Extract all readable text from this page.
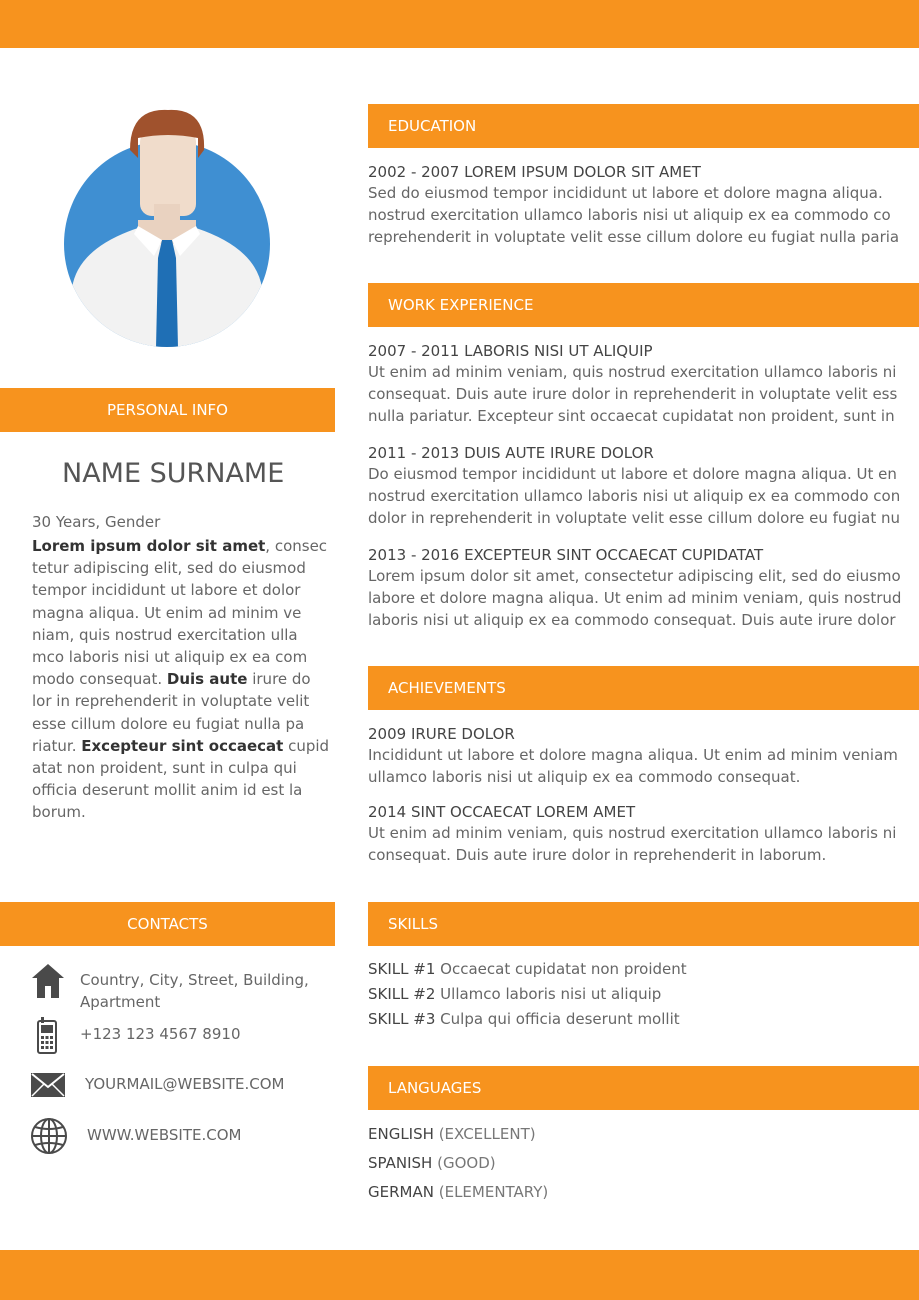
PERSONAL INFO
NAME SURNAME
30 Years, Gender
Lorem ipsum dolor sit amet, consec
tetur adipiscing elit, sed do eiusmod
tempor incididunt ut labore et dolor
magna aliqua. Ut enim ad minim ve
niam, quis nostrud exercitation ulla
mco laboris nisi ut aliquip ex ea com
modo consequat. Duis aute irure do
lor in reprehenderit in voluptate velit
esse cillum dolore eu fugiat nulla pa
riatur. Excepteur sint occaecat cupid
atat non proident, sunt in culpa qui
officia deserunt mollit anim id est la
borum.
CONTACTS
Country, City, Street, Building,
Apartment
+123 123 4567 8910
YOURMAIL@WEBSITE.COM
WWW.WEBSITE.COM
EDUCATION
2002 - 2007 LOREM IPSUM DOLOR SIT AMET
Sed do eiusmod tempor incididunt ut labore et dolore magna aliqua.
nostrud exercitation ullamco laboris nisi ut aliquip ex ea commodo co
reprehenderit in voluptate velit esse cillum dolore eu fugiat nulla paria
WORK EXPERIENCE
2007 - 2011 LABORIS NISI UT ALIQUIP
Ut enim ad minim veniam, quis nostrud exercitation ullamco laboris ni
consequat. Duis aute irure dolor in reprehenderit in voluptate velit ess
nulla pariatur. Excepteur sint occaecat cupidatat non proident, sunt in
2011 - 2013 DUIS AUTE IRURE DOLOR
Do eiusmod tempor incididunt ut labore et dolore magna aliqua. Ut en
nostrud exercitation ullamco laboris nisi ut aliquip ex ea commodo con
dolor in reprehenderit in voluptate velit esse cillum dolore eu fugiat nu
2013 - 2016 EXCEPTEUR SINT OCCAECAT CUPIDATAT
Lorem ipsum dolor sit amet, consectetur adipiscing elit, sed do eiusmo
labore et dolore magna aliqua. Ut enim ad minim veniam, quis nostrud
laboris nisi ut aliquip ex ea commodo consequat. Duis aute irure dolor
ACHIEVEMENTS
2009 IRURE DOLOR
Incididunt ut labore et dolore magna aliqua. Ut enim ad minim veniam
ullamco laboris nisi ut aliquip ex ea commodo consequat.
2014 SINT OCCAECAT LOREM AMET
Ut enim ad minim veniam, quis nostrud exercitation ullamco laboris ni
consequat. Duis aute irure dolor in reprehenderit in laborum.
SKILLS
SKILL #1 Occaecat cupidatat non proident
SKILL #2 Ullamco laboris nisi ut aliquip
SKILL #3 Culpa qui officia deserunt mollit
LANGUAGES
ENGLISH (EXCELLENT)
SPANISH (GOOD)
GERMAN (ELEMENTARY)
